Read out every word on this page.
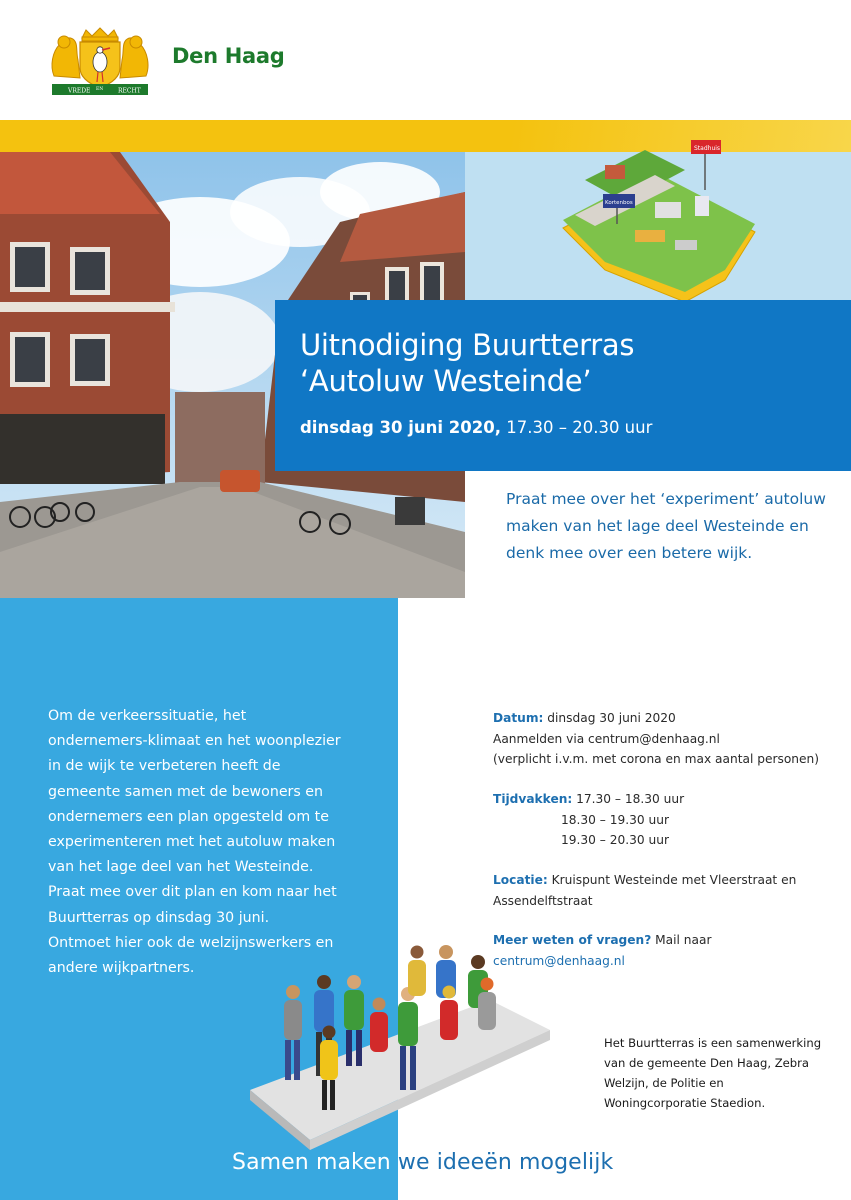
VREDE EN RECHT
Den Haag
Stadhuis
Kortenbos
Uitnodiging Buurtterras
‘Autoluw Westeinde’
dinsdag 30 juni 2020, 17.30 – 20.30 uur
Praat mee over het ‘experiment’ autoluw maken van het lage deel Westeinde en denk mee over een betere wijk.
Om de verkeerssituatie, het ondernemers-klimaat en het woonplezier in de wijk te verbeteren heeft de gemeente samen met de bewoners en ondernemers een plan opgesteld om te experimenteren met het autoluw maken van het lage deel van het Westeinde. Praat mee over dit plan en kom naar het Buurtterras op dinsdag 30 juni.
Ontmoet hier ook de welzijnswerkers en andere wijkpartners.
Datum: dinsdag 30 juni 2020
Aanmelden via centrum@denhaag.nl
(verplicht i.v.m. met corona en max aantal personen)
Tijdvakken: 17.30 – 18.30 uur
18.30 – 19.30 uur
19.30 – 20.30 uur
Locatie: Kruispunt Westeinde met Vleerstraat en Assendelftstraat
Meer weten of vragen? Mail naar centrum@denhaag.nl
Het Buurtterras is een samenwerking van de gemeente Den Haag, Zebra Welzijn, de Politie en Woningcorporatie Staedion.
Samen maken we ideeën mogelijk
